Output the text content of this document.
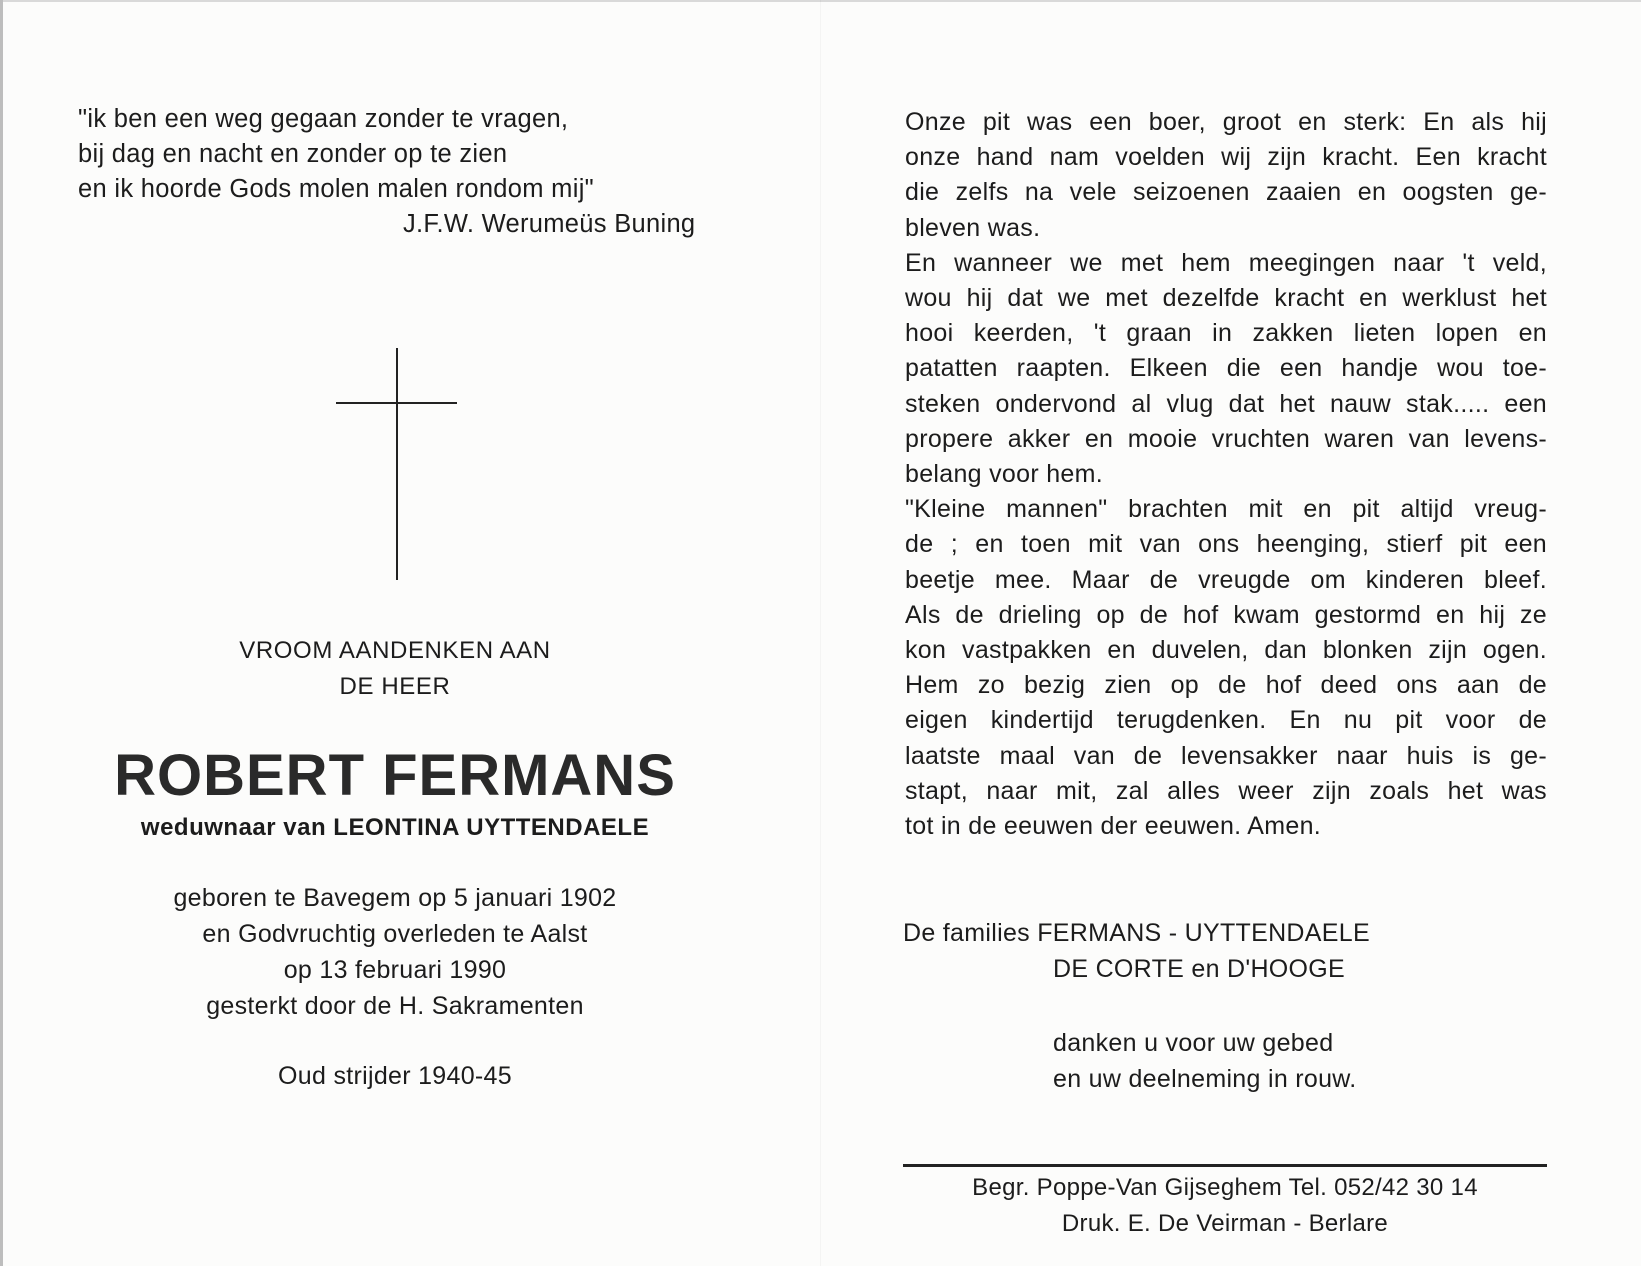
"ik ben een weg gegaan zonder te vragen,
bij dag en nacht en zonder op te zien
en ik hoorde Gods molen malen rondom mij"
J.F.W. Werumeüs Buning
VROOM AANDENKEN AAN
DE HEER
ROBERT FERMANS
weduwnaar van LEONTINA UYTTENDAELE
geboren te Bavegem op 5 januari 1902
en Godvruchtig overleden te Aalst
op 13 februari 1990
gesterkt door de H. Sakramenten
Oud strijder 1940-45
Onze pit was een boer, groot en sterk: En als hij
onze hand nam voelden wij zijn kracht. Een kracht
die zelfs na vele seizoenen zaaien en oogsten ge-
bleven was.
En wanneer we met hem meegingen naar 't veld,
wou hij dat we met dezelfde kracht en werklust het
hooi keerden, 't graan in zakken lieten lopen en
patatten raapten. Elkeen die een handje wou toe-
steken ondervond al vlug dat het nauw stak..... een
propere akker en mooie vruchten waren van levens-
belang voor hem.
"Kleine mannen" brachten mit en pit altijd vreug-
de ; en toen mit van ons heenging, stierf pit een
beetje mee. Maar de vreugde om kinderen bleef.
Als de drieling op de hof kwam gestormd en hij ze
kon vastpakken en duvelen, dan blonken zijn ogen.
Hem zo bezig zien op de hof deed ons aan de
eigen kindertijd terugdenken. En nu pit voor de
laatste maal van de levensakker naar huis is ge-
stapt, naar mit, zal alles weer zijn zoals het was
tot in de eeuwen der eeuwen. Amen.
De families FERMANS - UYTTENDAELE
DE CORTE en D'HOOGE
danken u voor uw gebed
en uw deelneming in rouw.
Begr. Poppe-Van Gijseghem Tel. 052/42 30 14
Druk. E. De Veirman - Berlare
